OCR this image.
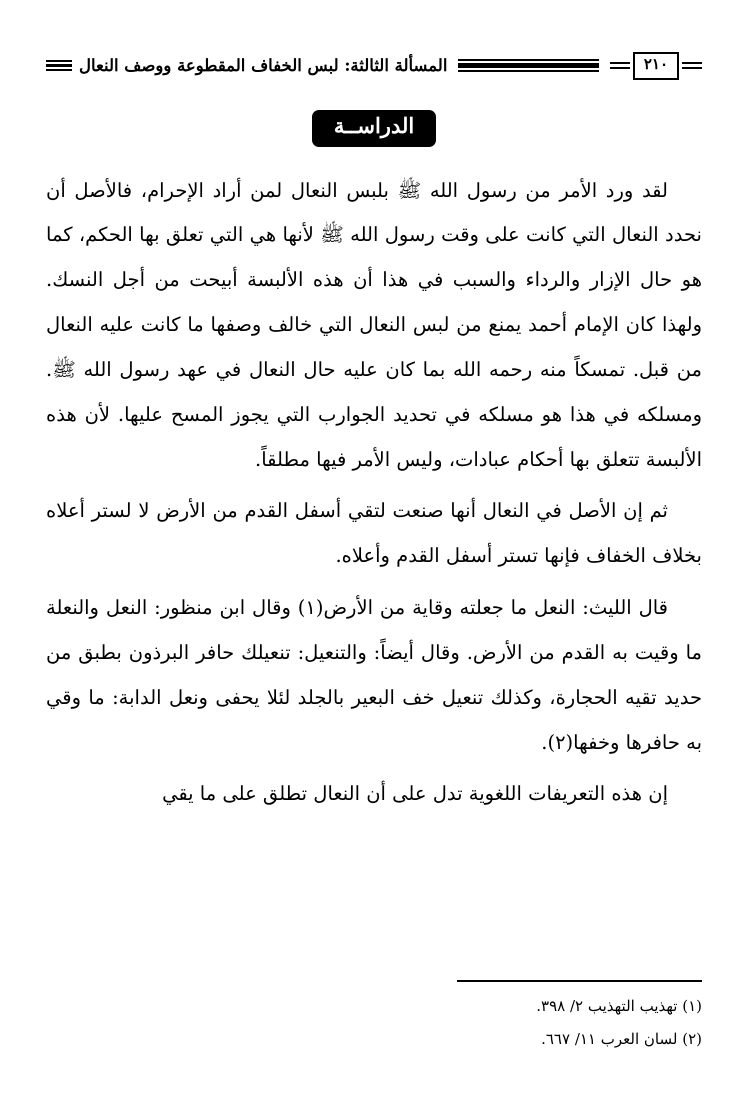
المسألة الثالثة: لبس الخفاف المقطوعة ووصف النعال	٢١٠
الدراســة

لقد ورد الأمر من رسول الله ﷺ بلبس النعال لمن أراد الإحرام، فالأصل أن نحدد النعال التي كانت على وقت رسول الله ﷺ لأنها هي التي تعلق بها الحكم، كما هو حال الإزار والرداء والسبب في هذا أن هذه الألبسة أبيحت من أجل النسك. ولهذا كان الإمام أحمد يمنع من لبس النعال التي خالف وصفها ما كانت عليه النعال من قبل. تمسكاً منه رحمه الله بما كان عليه حال النعال في عهد رسول الله ﷺ. ومسلكه في هذا هو مسلكه في تحديد الجوارب التي يجوز المسح عليها. لأن هذه الألبسة تتعلق بها أحكام عبادات، وليس الأمر فيها مطلقاً.

ثم إن الأصل في النعال أنها صنعت لتقي أسفل القدم من الأرض لا لستر أعلاه بخلاف الخفاف فإنها تستر أسفل القدم وأعلاه.

قال الليث: النعل ما جعلته وقاية من الأرض(١) وقال ابن منظور: النعل والنعلة ما وقيت به القدم من الأرض. وقال أيضاً: والتنعيل: تنعيلك حافر البرذون بطبق من حديد تقيه الحجارة، وكذلك تنعيل خف البعير بالجلد لئلا يحفى ونعل الدابة: ما وقي به حافرها وخفها(٢).

إن هذه التعريفات اللغوية تدل على أن النعال تطلق على ما يقي

(١) تهذيب التهذيب ٢/ ٣٩٨.
(٢) لسان العرب ١١/ ٦٦٧.
